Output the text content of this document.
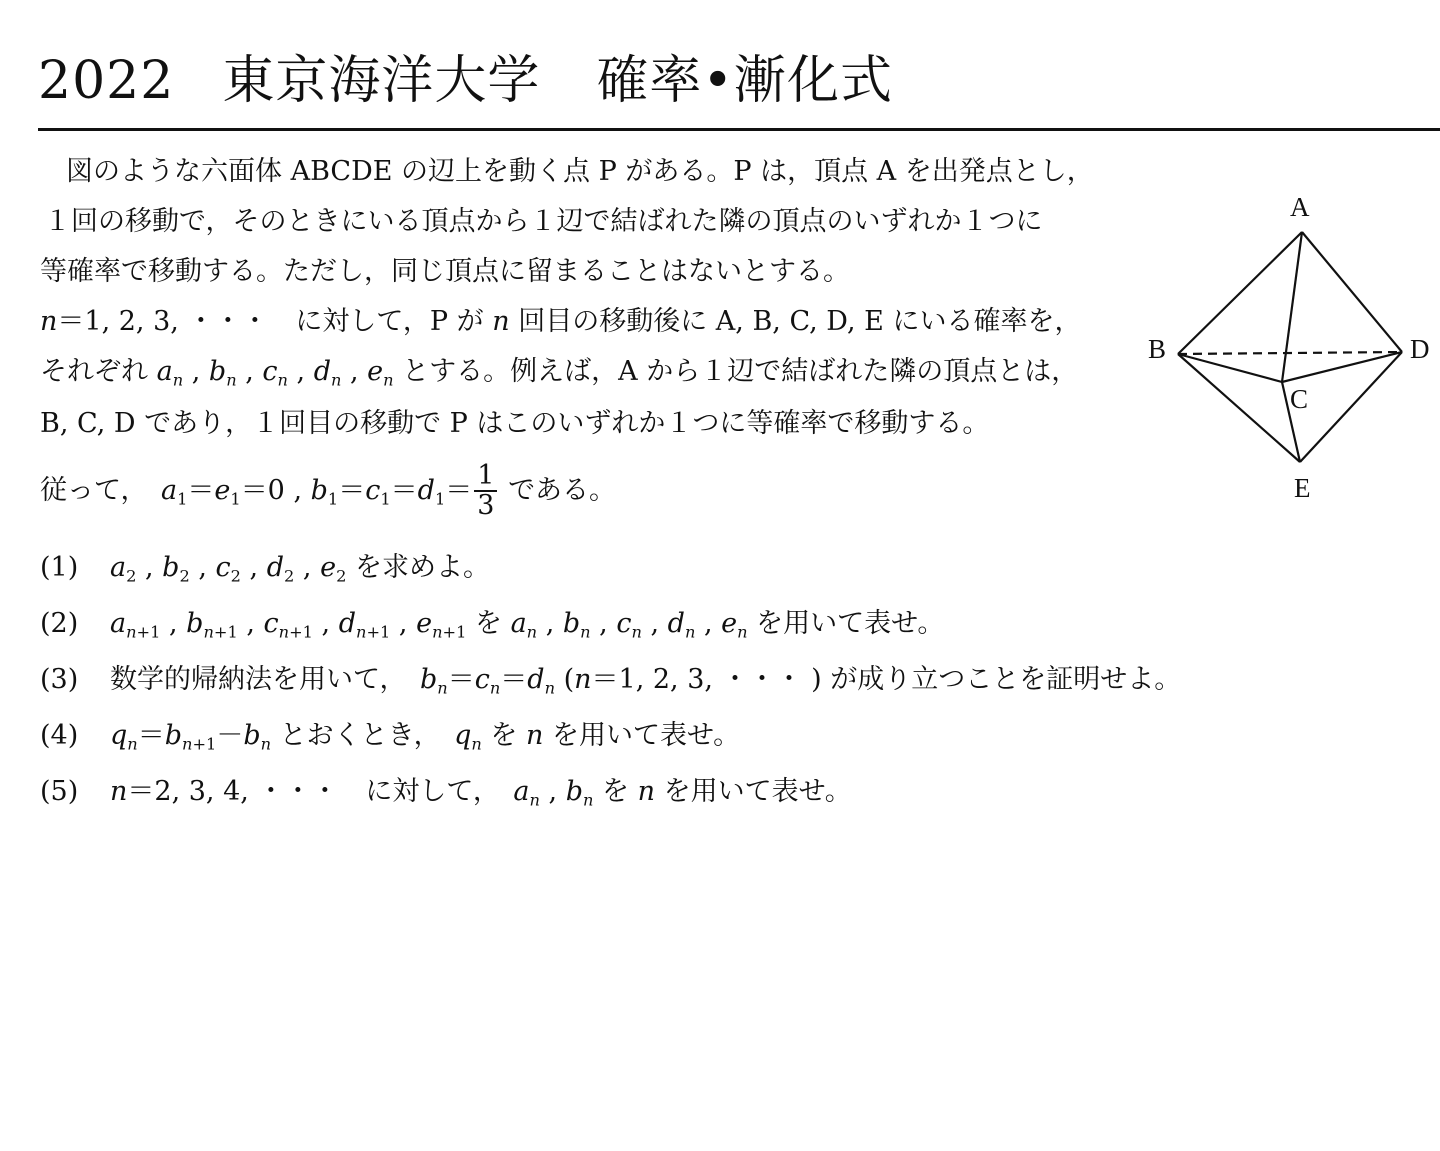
2022 東京海洋大学 確率•漸化式
図のような六面体 ABCDE の辺上を動く点 P がある。P は，頂点 A を出発点とし，
１回の移動で，そのときにいる頂点から１辺で結ばれた隣の頂点のいずれか１つに
等確率で移動する。ただし，同じ頂点に留まることはないとする。
n＝1, 2, 3, ・・・　に対して，P が n 回目の移動後に A, B, C, D, E にいる確率を，
それぞれ $a_n$ , $b_n$ , $c_n$ , $d_n$ , $e_n$ とする。例えば，A から１辺で結ばれた隣の頂点とは，
B, C, D であり，１回目の移動で P はこのいずれか１つに等確率で移動する。
従って，　 $a_1=e_1=0$ , $b_1=c_1=d_1= \frac{1}{3}$ である。
(1) $a_2$ , $b_2$ , $c_2$ , $d_2$ , $e_2$ を求めよ。
(2) $a_{n+1}$ , $b_{n+1}$ , $c_{n+1}$ , $d_{n+1}$ , $e_{n+1}$ を $a_n$ , $b_n$ , $c_n$ , $d_n$ , $e_n$ を用いて表せ。
(3) 数学的帰納法を用いて，　 $b_n=c_n=d_n$ (n＝1, 2, 3, ・・・ ) が成り立つことを証明せよ。
(4) $q_n=b_{n+1}-b_n$ とおくとき，　 $q_n$ を n を用いて表せ。
(5) n＝2, 3, 4, ・・・　 に対して，　 $a_n$ , $b_n$ を n を用いて表せ。
A
B
C
D
E
